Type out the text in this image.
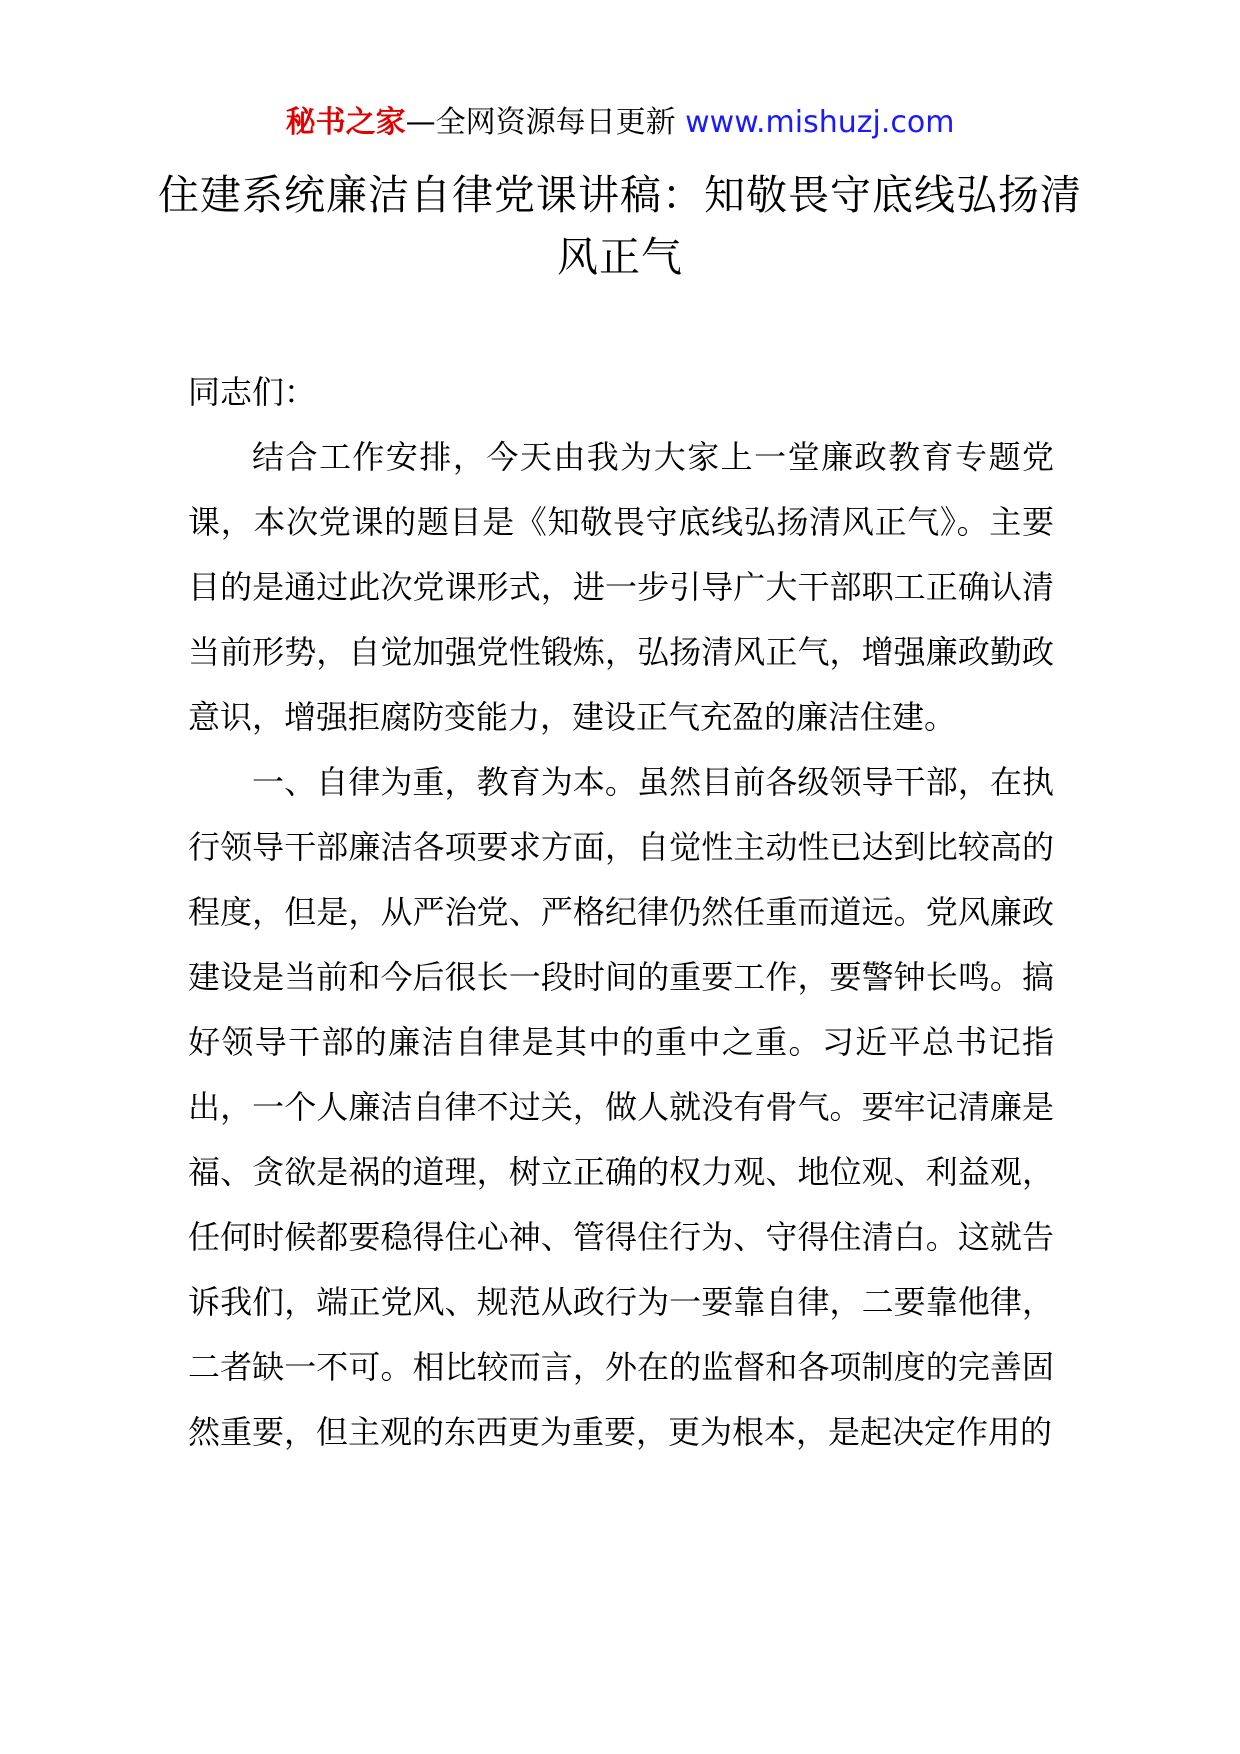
秘书之家—全网资源每日更新 www.mishuzj.com
住建系统廉洁自律党课讲稿：知敬畏守底线弘扬清风正气

同志们：

结合工作安排，今天由我为大家上一堂廉政教育专题党课，本次党课的题目是《知敬畏守底线弘扬清风正气》。主要目的是通过此次党课形式，进一步引导广大干部职工正确认清当前形势，自觉加强党性锻炼，弘扬清风正气，增强廉政勤政意识，增强拒腐防变能力，建设正气充盈的廉洁住建。

一、自律为重，教育为本。虽然目前各级领导干部，在执行领导干部廉洁各项要求方面，自觉性主动性已达到比较高的程度，但是，从严治党、严格纪律仍然任重而道远。党风廉政建设是当前和今后很长一段时间的重要工作，要警钟长鸣。搞好领导干部的廉洁自律是其中的重中之重。习近平总书记指出，一个人廉洁自律不过关，做人就没有骨气。要牢记清廉是福、贪欲是祸的道理，树立正确的权力观、地位观、利益观，任何时候都要稳得住心神、管得住行为、守得住清白。这就告诉我们，端正党风、规范从政行为一要靠自律，二要靠他律，二者缺一不可。相比较而言，外在的监督和各项制度的完善固然重要，但主观的东西更为重要，更为根本，是起决定作用的
